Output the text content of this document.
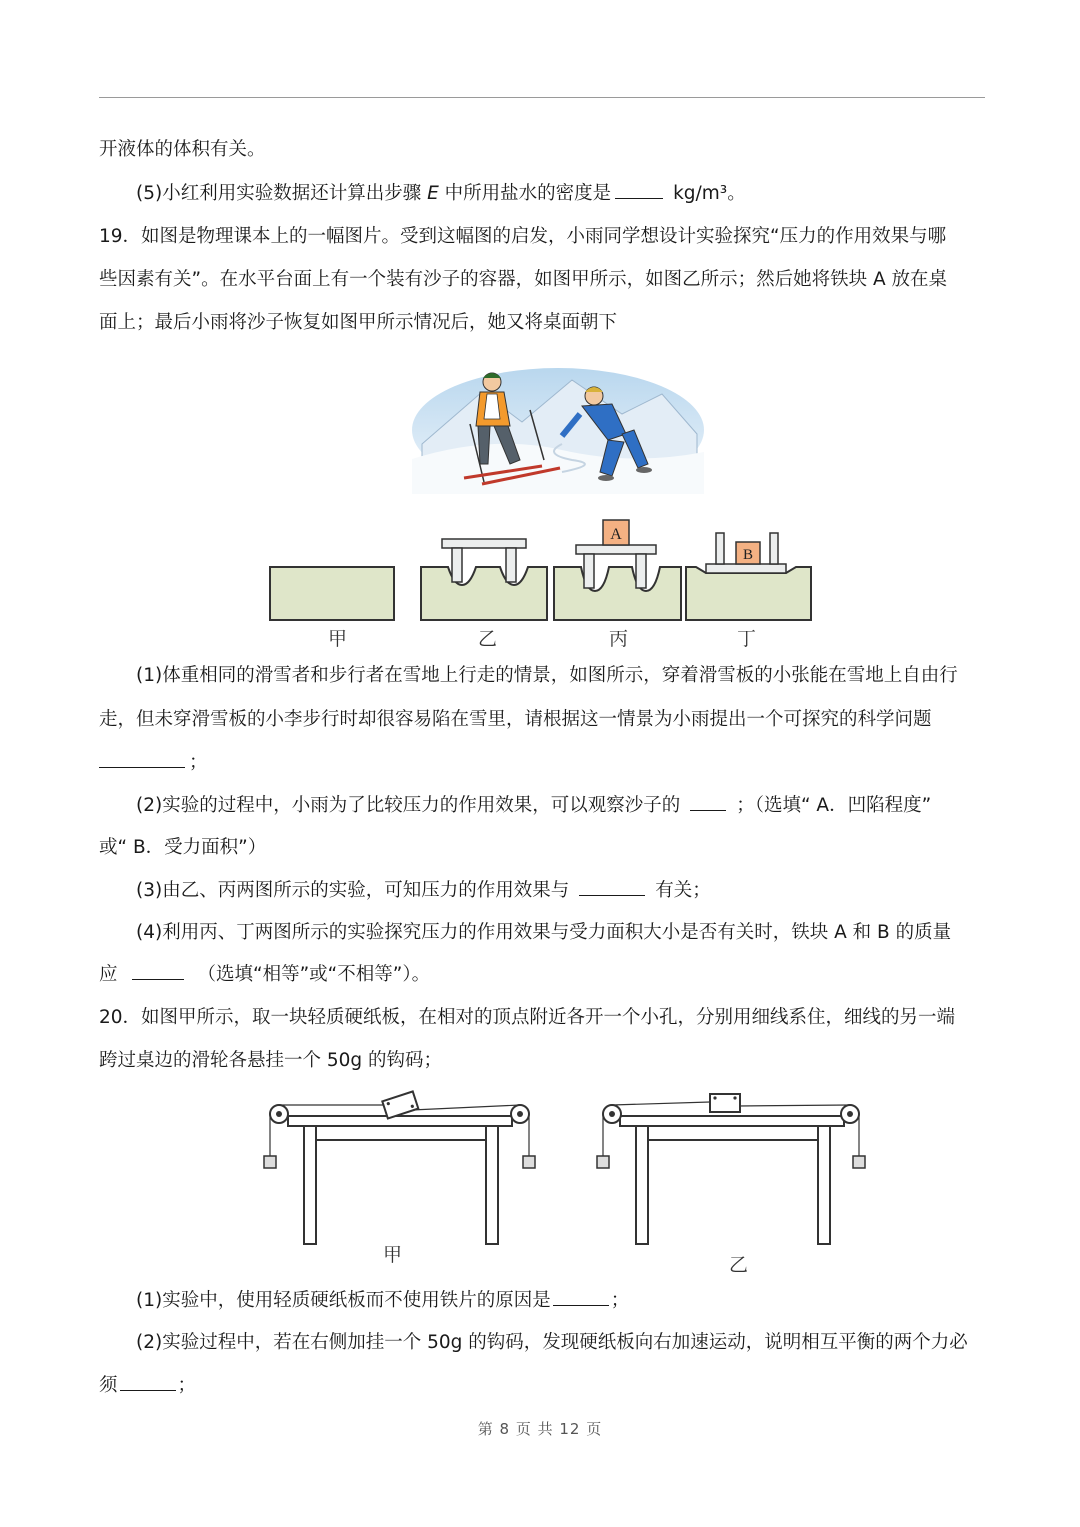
开液体的体积有关。
(5)小红利用实验数据还计算出步骤 E 中所用盐水的密度是	kg/m³。
19．如图是物理课本上的一幅图片。受到这幅图的启发，小雨同学想设计实验探究“压力的作用效果与哪
些因素有关”。在水平台面上有一个装有沙子的容器，如图甲所示，如图乙所示；然后她将铁块 A 放在桌
面上；最后小雨将沙子恢复如图甲所示情况后，她又将桌面朝下
A
B
甲	乙	丙	丁
(1)体重相同的滑雪者和步行者在雪地上行走的情景，如图所示，穿着滑雪板的小张能在雪地上自由行
走，但未穿滑雪板的小李步行时却很容易陷在雪里，请根据这一情景为小雨提出一个可探究的科学问题
；
(2)实验的过程中，小雨为了比较压力的作用效果，可以观察沙子的	；（选填“ A．凹陷程度”
或“ B．受力面积”）
(3)由乙、丙两图所示的实验，可知压力的作用效果与	有关；
(4)利用丙、丁两图所示的实验探究压力的作用效果与受力面积大小是否有关时，铁块 A 和 B 的质量
应	（选填“相等”或“不相等”）。
20．如图甲所示，取一块轻质硬纸板，在相对的顶点附近各开一个小孔，分别用细线系住，细线的另一端
跨过桌边的滑轮各悬挂一个 50g 的钩码；
甲	乙
(1)实验中，使用轻质硬纸板而不使用铁片的原因是	；
(2)实验过程中，若在右侧加挂一个 50g 的钩码，发现硬纸板向右加速运动，说明相互平衡的两个力必
须	；
第 8 页 共 12 页
